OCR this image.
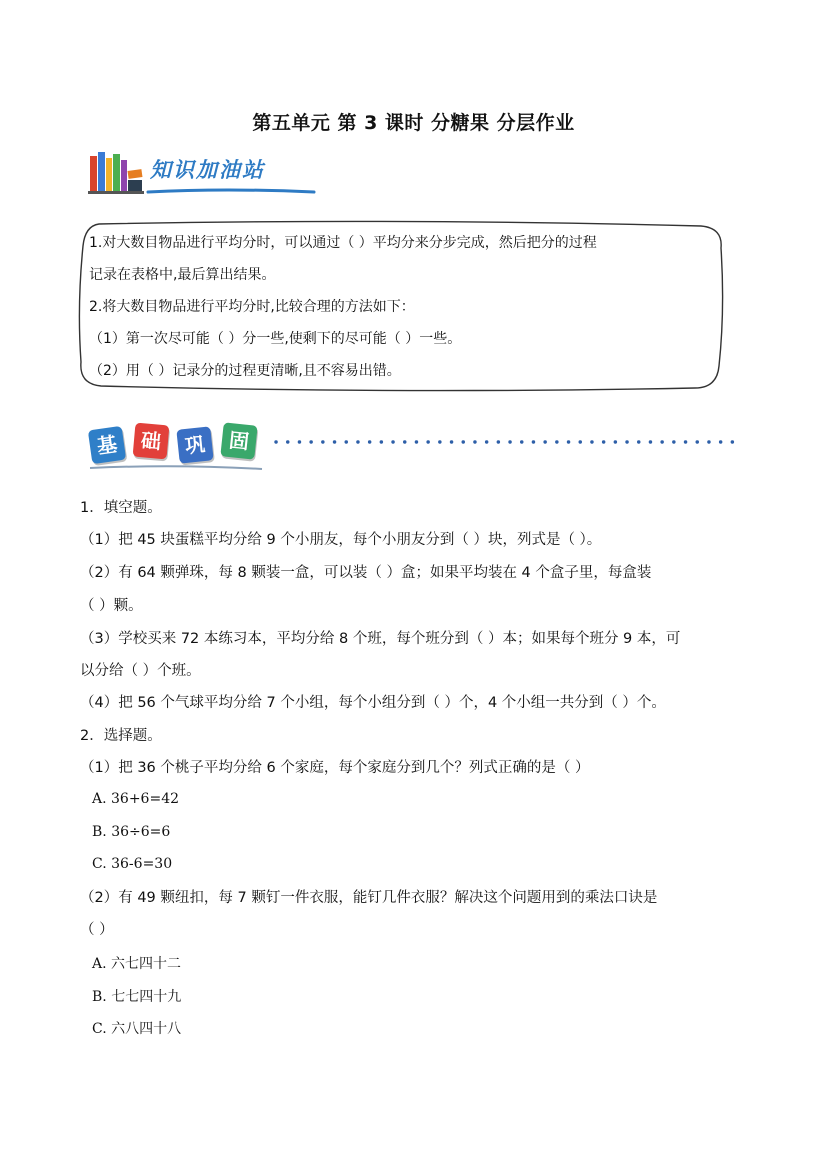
第五单元 第 3 课时 分糖果 分层作业
知识加油站
1.对大数目物品进行平均分时，可以通过（ ）平均分来分步完成，然后把分的过程
记录在表格中,最后算出结果。
2.将大数目物品进行平均分时,比较合理的方法如下：
（1）第一次尽可能（ ）分一些,使剩下的尽可能（ ）一些。
（2）用（ ）记录分的过程更清晰,且不容易出错。
基	础	巩	固
1．填空题。
（1）把 45 块蛋糕平均分给 9 个小朋友，每个小朋友分到（ ）块，列式是（ ）。
（2）有 64 颗弹珠，每 8 颗装一盒，可以装（ ）盒；如果平均装在 4 个盒子里，每盒装
（ ）颗。
（3）学校买来 72 本练习本，平均分给 8 个班，每个班分到（ ）本；如果每个班分 9 本，可
以分给（ ）个班。
（4）把 56 个气球平均分给 7 个小组，每个小组分到（ ）个，4 个小组一共分到（ ）个。
2．选择题。
（1）把 36 个桃子平均分给 6 个家庭，每个家庭分到几个？列式正确的是（ ）
A. 36+6=42
B. 36÷6=6
C. 36-6=30
（2）有 49 颗纽扣，每 7 颗钉一件衣服，能钉几件衣服？解决这个问题用到的乘法口诀是
（ ）
A. 六七四十二
B. 七七四十九
C. 六八四十八
